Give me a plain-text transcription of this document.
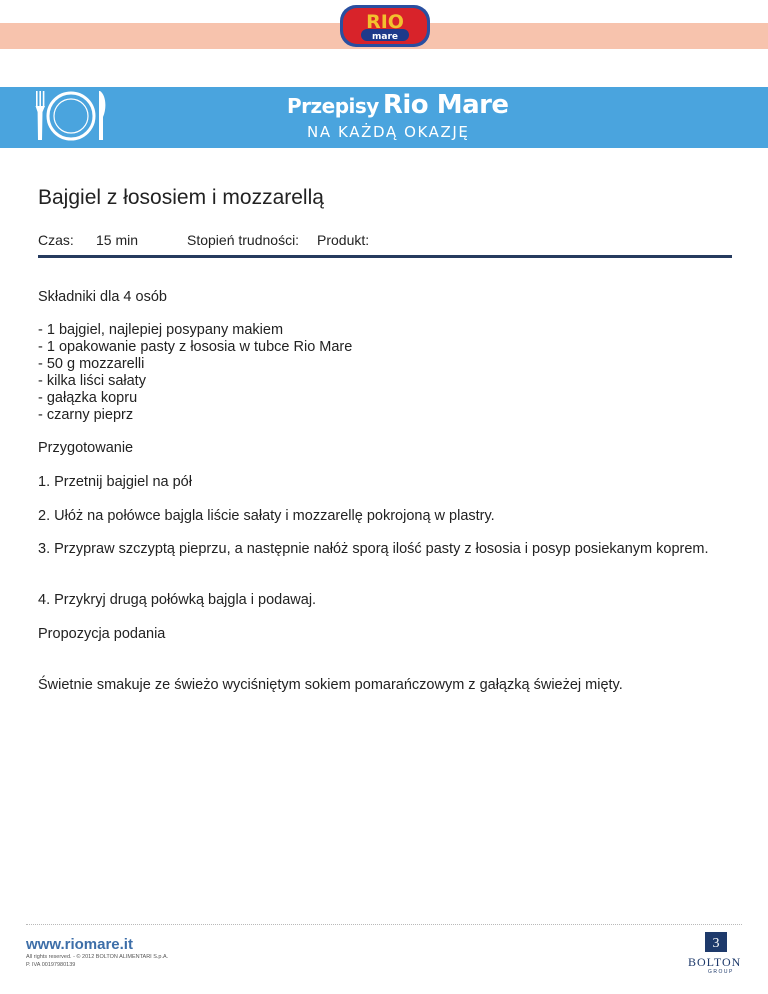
RIO
mare
Przepisy Rio Mare
NA KAŻDĄ OKAZJĘ
Bajgiel z łososiem i mozzarellą
Czas: 15 min	Stopień trudności: Produkt:

Składniki dla 4 osób

- 1 bajgiel, najlepiej posypany makiem
- 1 opakowanie pasty z łososia w tubce Rio Mare
- 50 g mozzarelli
- kilka liści sałaty
- gałązka kopru
- czarny pieprz

Przygotowanie

1. Przetnij bajgiel na pół

2. Ułóż na połówce bajgla liście sałaty i mozzarellę pokrojoną w plastry.

3. Przypraw szczyptą pieprzu, a następnie nałóż sporą ilość pasty z łososia i posyp posiekanym koprem.

4. Przykryj drugą połówką bajgla i podawaj.

Propozycja podania

Świetnie smakuje ze świeżo wyciśniętym sokiem pomarańczowym z gałązką świeżej mięty.

www.riomare.it
All rights reserved. - © 2012 BOLTON ALIMENTARI S.p.A.
P. IVA 00197980139
3
BOLTON
GROUP
